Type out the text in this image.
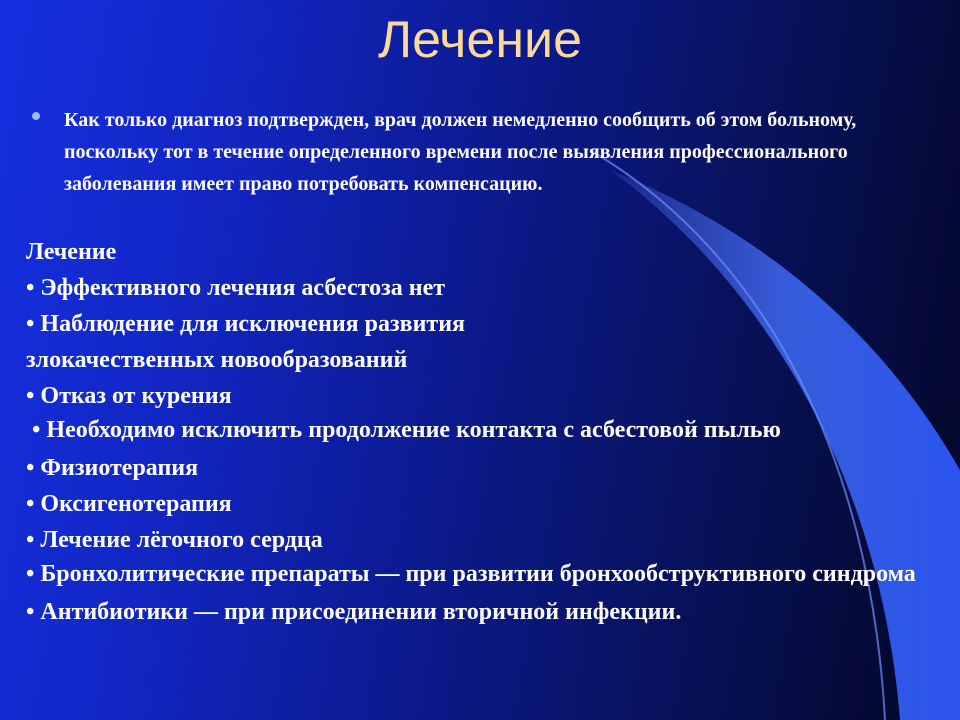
Лечение

Как только диагноз подтвержден, врач должен немедленно сообщить об этом больному, поскольку тот в течение определенного времени после выявления профессионального заболевания имеет право потребовать компенсацию.

Лечение

• Эффективного лечения асбестоза нет

• Наблюдение для исключения развития

злокачественных новообразований

• Отказ от курения

• Необходимо исключить продолжение контакта с асбестовой пылью

• Физиотерапия

• Оксигенотерапия

• Лечение лёгочного сердца

• Бронхолитические препараты — при развитии бронхообструктивного синдрома

• Антибиотики — при присоединении вторичной инфекции.
